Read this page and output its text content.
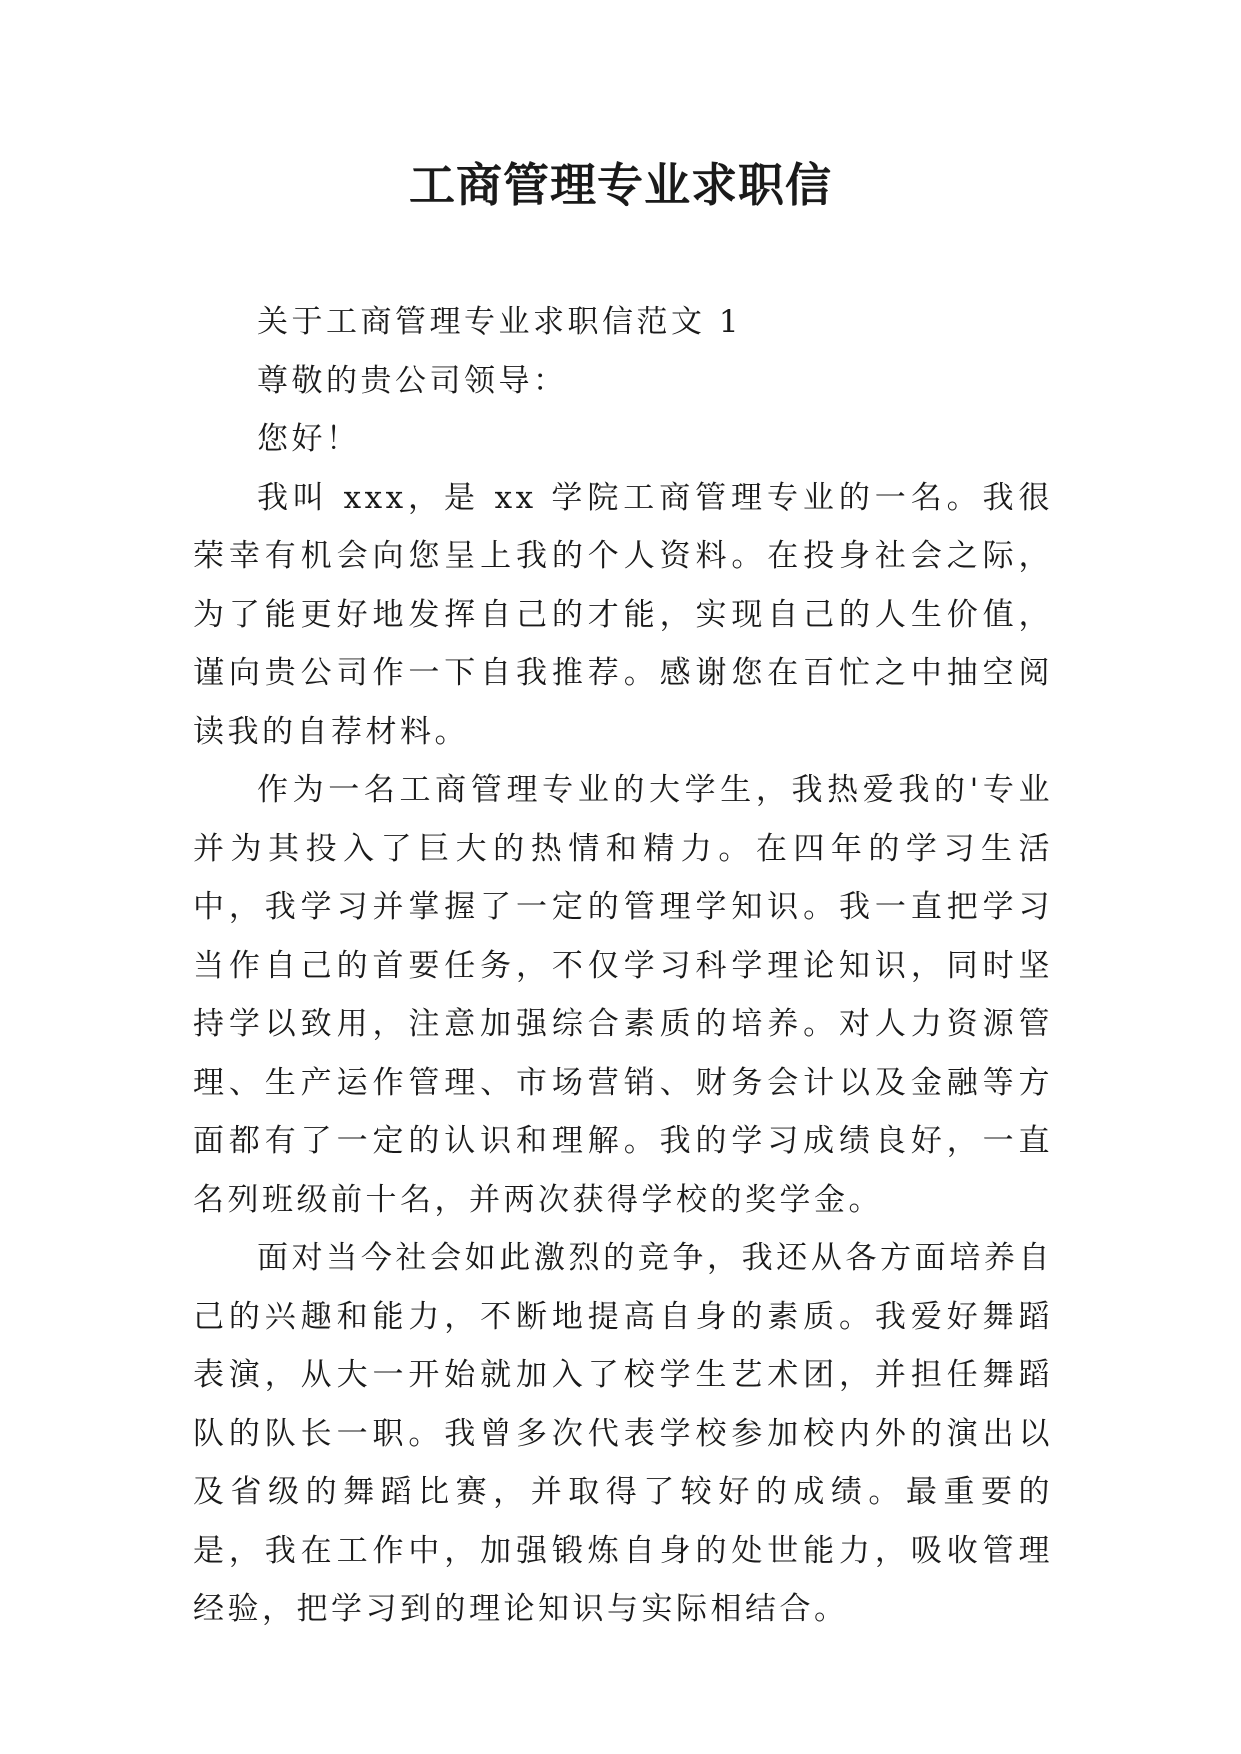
工商管理专业求职信

关于工商管理专业求职信范文 1

尊敬的贵公司领导：

您好！

我叫 xxx，是 xx 学院工商管理专业的一名。我很荣幸有机会向您呈上我的个人资料。在投身社会之际，为了能更好地发挥自己的才能，实现自己的人生价值，谨向贵公司作一下自我推荐。感谢您在百忙之中抽空阅读我的自荐材料。

作为一名工商管理专业的大学生，我热爱我的'专业并为其投入了巨大的热情和精力。在四年的学习生活中，我学习并掌握了一定的管理学知识。我一直把学习当作自己的首要任务，不仅学习科学理论知识，同时坚持学以致用，注意加强综合素质的培养。对人力资源管理、生产运作管理、市场营销、财务会计以及金融等方面都有了一定的认识和理解。我的学习成绩良好，一直名列班级前十名，并两次获得学校的奖学金。

面对当今社会如此激烈的竞争，我还从各方面培养自己的兴趣和能力，不断地提高自身的素质。我爱好舞蹈表演，从大一开始就加入了校学生艺术团，并担任舞蹈队的队长一职。我曾多次代表学校参加校内外的演出以及省级的舞蹈比赛，并取得了较好的成绩。最重要的是，我在工作中，加强锻炼自身的处世能力，吸收管理经验，把学习到的理论知识与实际相结合。
